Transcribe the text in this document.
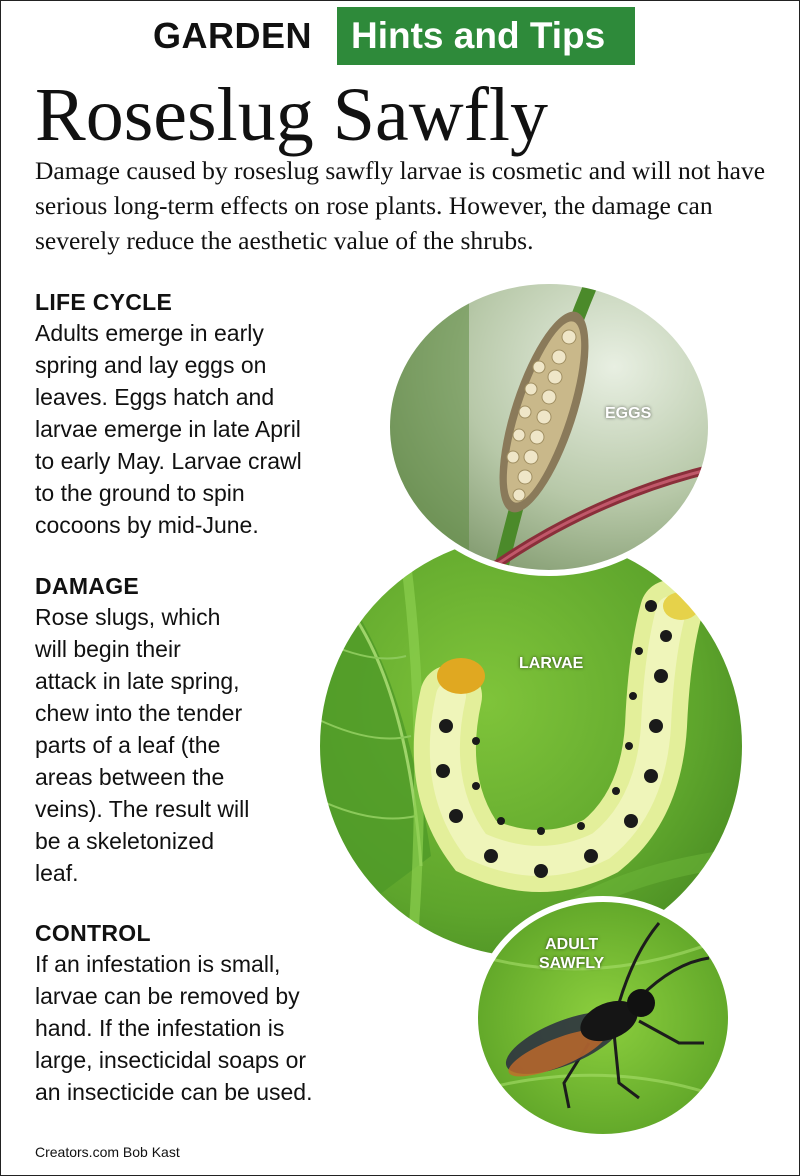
GARDEN Hints and Tips
Roseslug Sawfly

Damage caused by roseslug sawfly larvae is cosmetic and will not have serious long-term effects on rose plants. However, the damage can severely reduce the aesthetic value of the shrubs.

LIFE CYCLE

Adults emerge in early
spring and lay eggs on
leaves. Eggs hatch and
larvae emerge in late April
to early May. Larvae crawl
to the ground to spin
cocoons by mid-June.

DAMAGE

Rose slugs, which
will begin their
attack in late spring,
chew into the tender
parts of a leaf (the
areas between the
veins). The result will
be a skeletonized
leaf.

CONTROL

If an infestation is small,
larvae can be removed by
hand. If the infestation is
large, insecticidal soaps or
an insecticide can be used.

LARVAE
EGGS
ADULT
SAWFLY
Creators.com Bob Kast
